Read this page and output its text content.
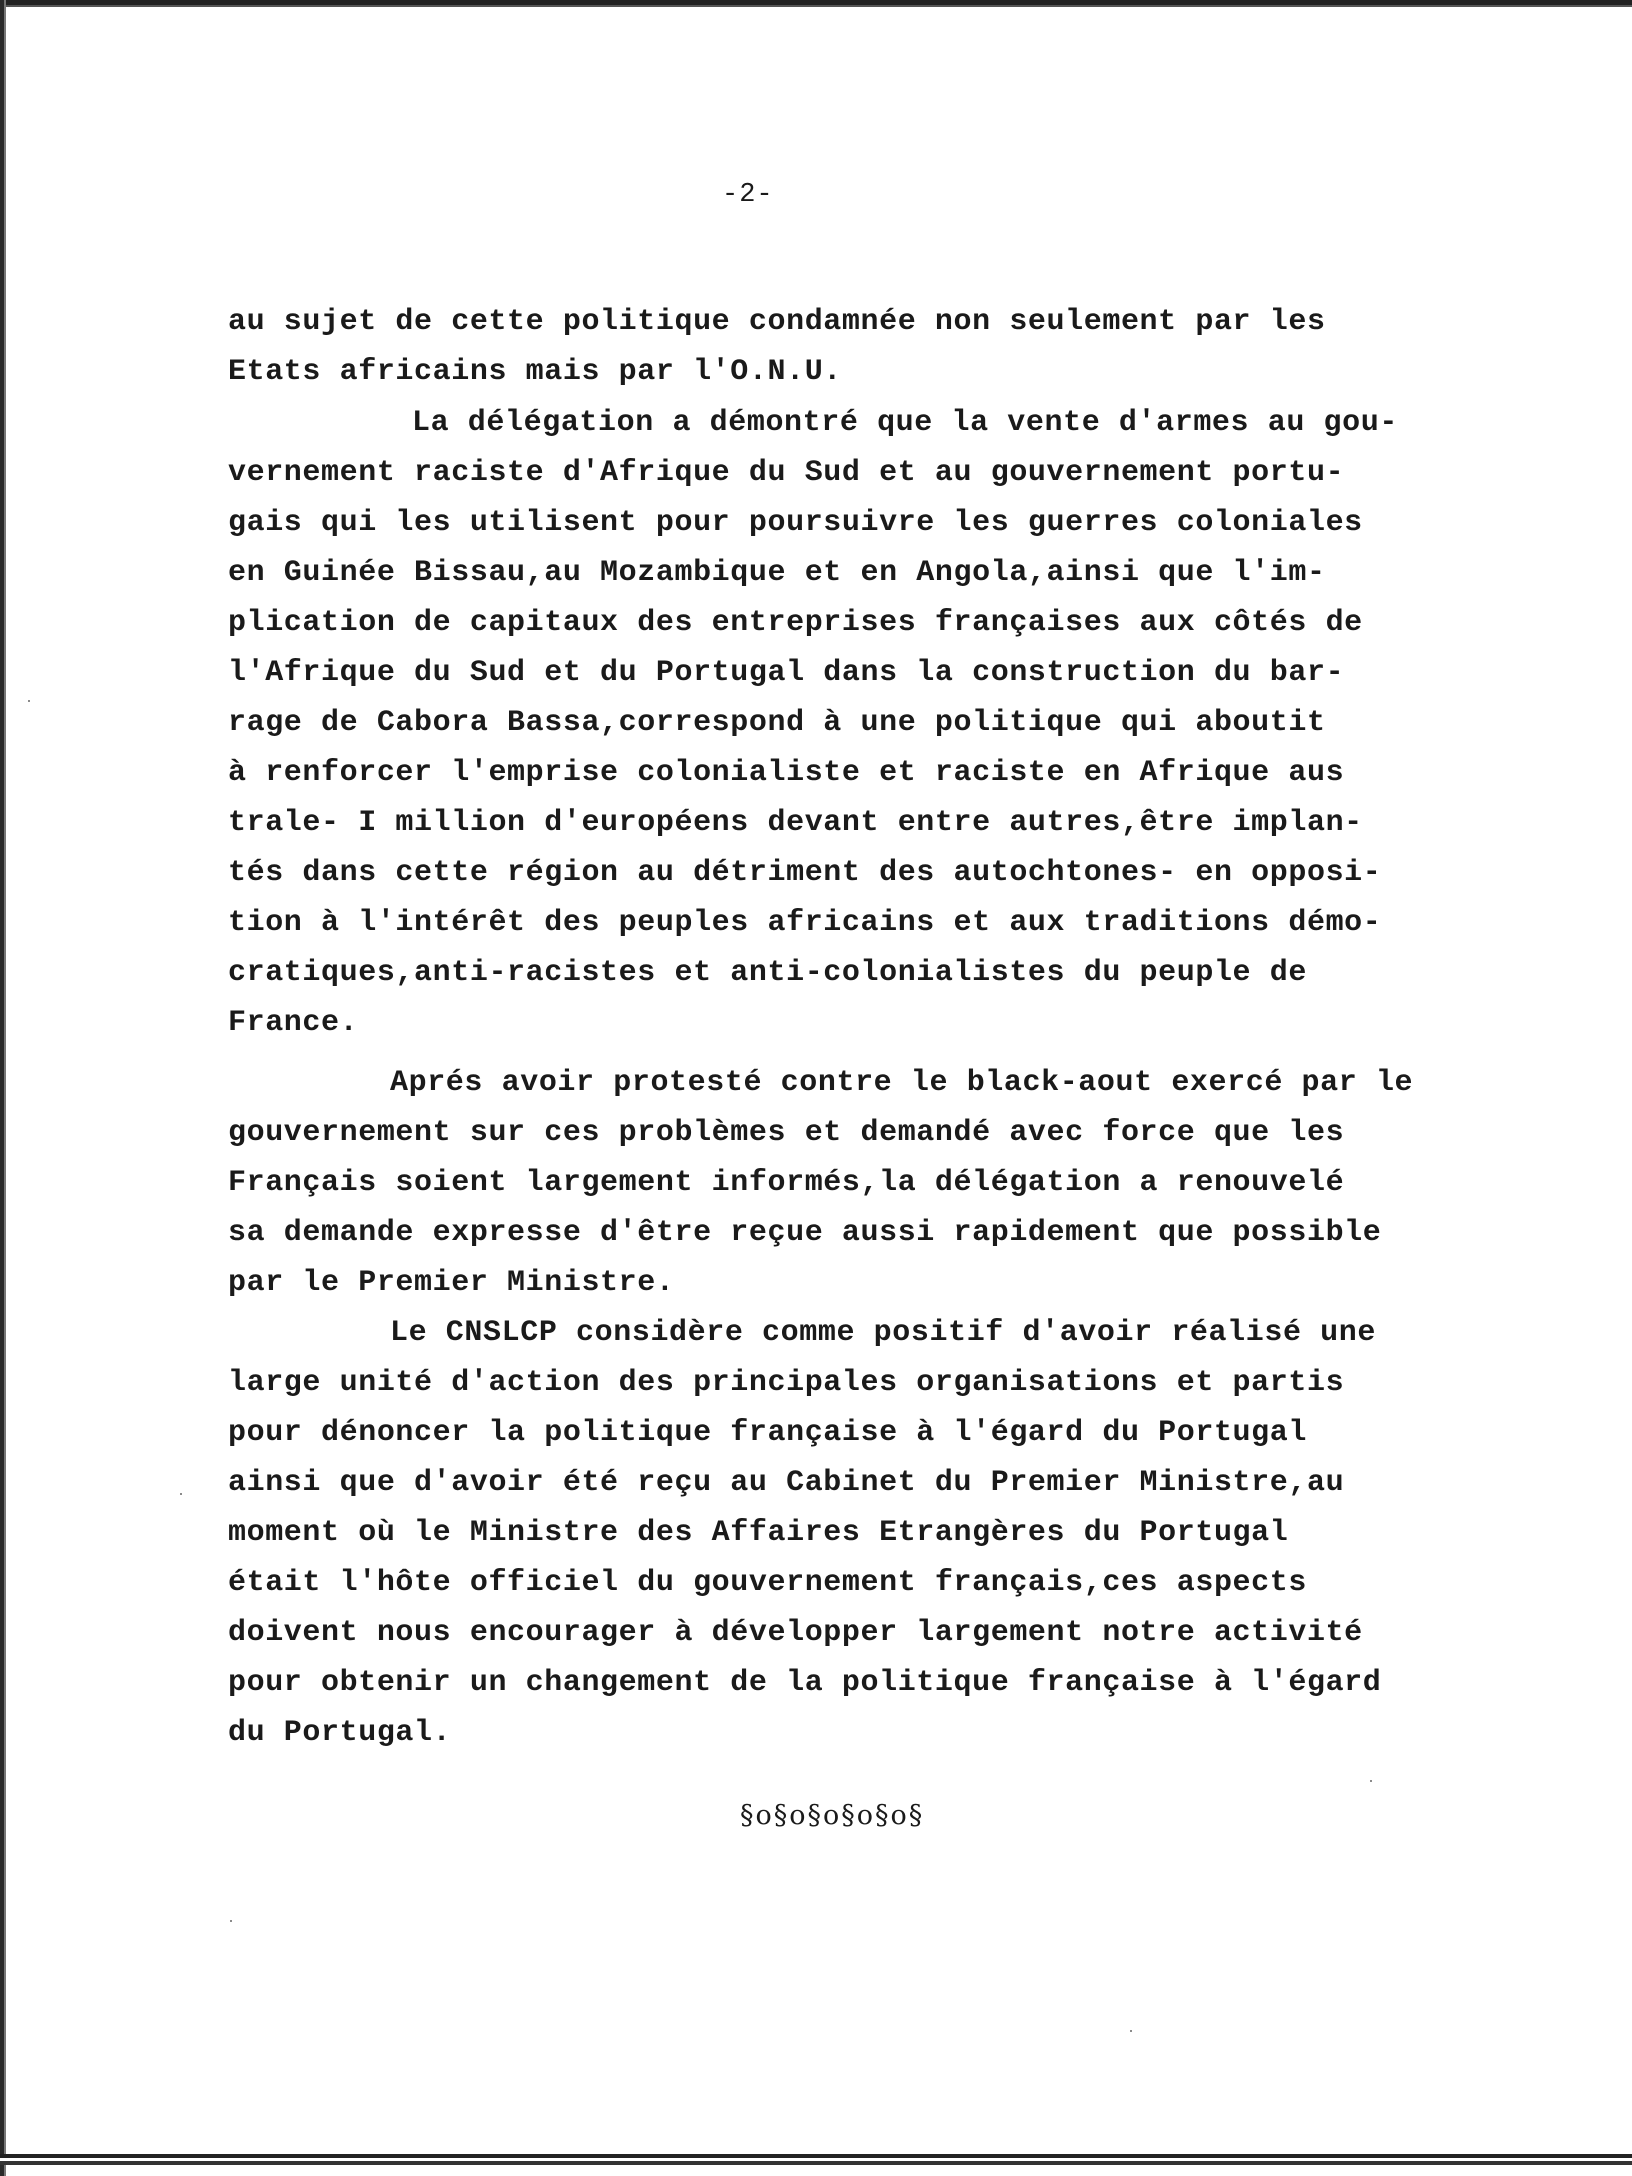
-2-
au sujet de cette politique condamnée non seulement par les
Etats africains mais par l'O.N.U.
La délégation a démontré que la vente d'armes au gou-
vernement raciste d'Afrique du Sud et au gouvernement portu-
gais qui les utilisent pour poursuivre les guerres coloniales
en Guinée Bissau,au Mozambique et en Angola,ainsi que l'im-
plication de capitaux des entreprises françaises aux côtés de
l'Afrique du Sud et du Portugal dans la construction du bar-
rage de Cabora Bassa,correspond à une politique qui aboutit
à renforcer l'emprise colonialiste et raciste en Afrique aus
trale- I million d'européens devant entre autres,être implan-
tés dans cette région au détriment des autochtones- en opposi-
tion à l'intérêt des peuples africains et aux traditions démo-
cratiques,anti-racistes et anti-colonialistes du peuple de
France.
Aprés avoir protesté contre le black-aout exercé par le
gouvernement sur ces problèmes et demandé avec force que les
Français soient largement informés,la délégation a renouvelé
sa demande expresse d'être reçue aussi rapidement que possible
par le Premier Ministre.
Le CNSLCP considère comme positif d'avoir réalisé une
large unité d'action des principales organisations et partis
pour dénoncer la politique française à l'égard du Portugal
ainsi que d'avoir été reçu au Cabinet du Premier Ministre,au
moment où le Ministre des Affaires Etrangères du Portugal
était l'hôte officiel du gouvernement français,ces aspects
doivent nous encourager à développer largement notre activité
pour obtenir un changement de la politique française à l'égard
du Portugal.
§o§o§o§o§o§
